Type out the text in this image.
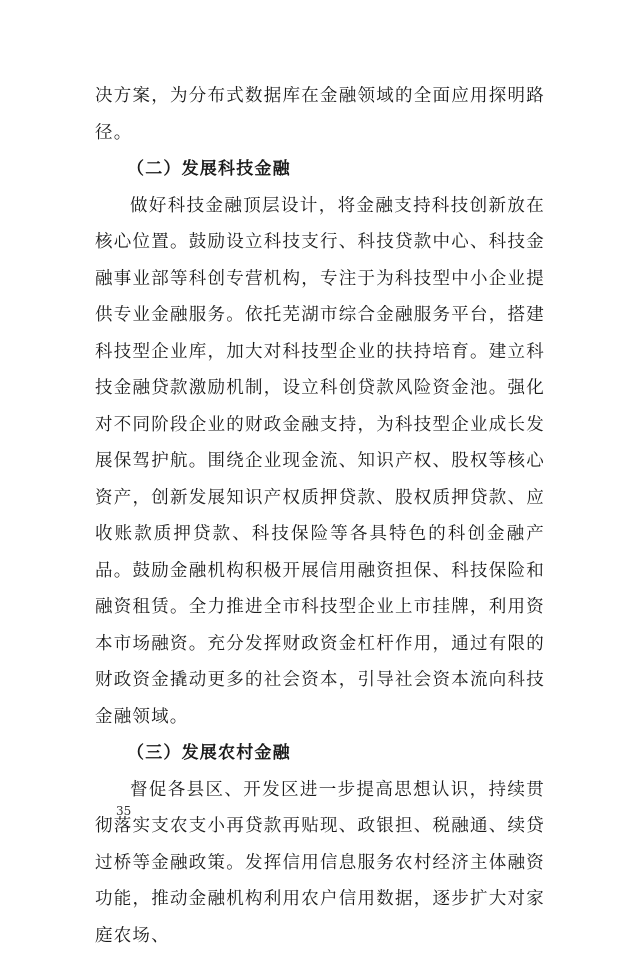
决方案，为分布式数据库在金融领域的全面应用探明路径。

（二）发展科技金融

做好科技金融顶层设计，将金融支持科技创新放在核心位置。鼓励设立科技支行、科技贷款中心、科技金融事业部等科创专营机构，专注于为科技型中小企业提供专业金融服务。依托芜湖市综合金融服务平台，搭建科技型企业库，加大对科技型企业的扶持培育。建立科技金融贷款激励机制，设立科创贷款风险资金池。强化对不同阶段企业的财政金融支持，为科技型企业成长发展保驾护航。围绕企业现金流、知识产权、股权等核心资产，创新发展知识产权质押贷款、股权质押贷款、应收账款质押贷款、科技保险等各具特色的科创金融产品。鼓励金融机构积极开展信用融资担保、科技保险和融资租赁。全力推进全市科技型企业上市挂牌，利用资本市场融资。充分发挥财政资金杠杆作用，通过有限的财政资金撬动更多的社会资本，引导社会资本流向科技金融领域。

（三）发展农村金融

督促各县区、开发区进一步提高思想认识，持续贯彻落实支农支小再贷款再贴现、政银担、税融通、续贷过桥等金融政策。发挥信用信息服务农村经济主体融资功能，推动金融机构利用农户信用数据，逐步扩大对家庭农场、

35
